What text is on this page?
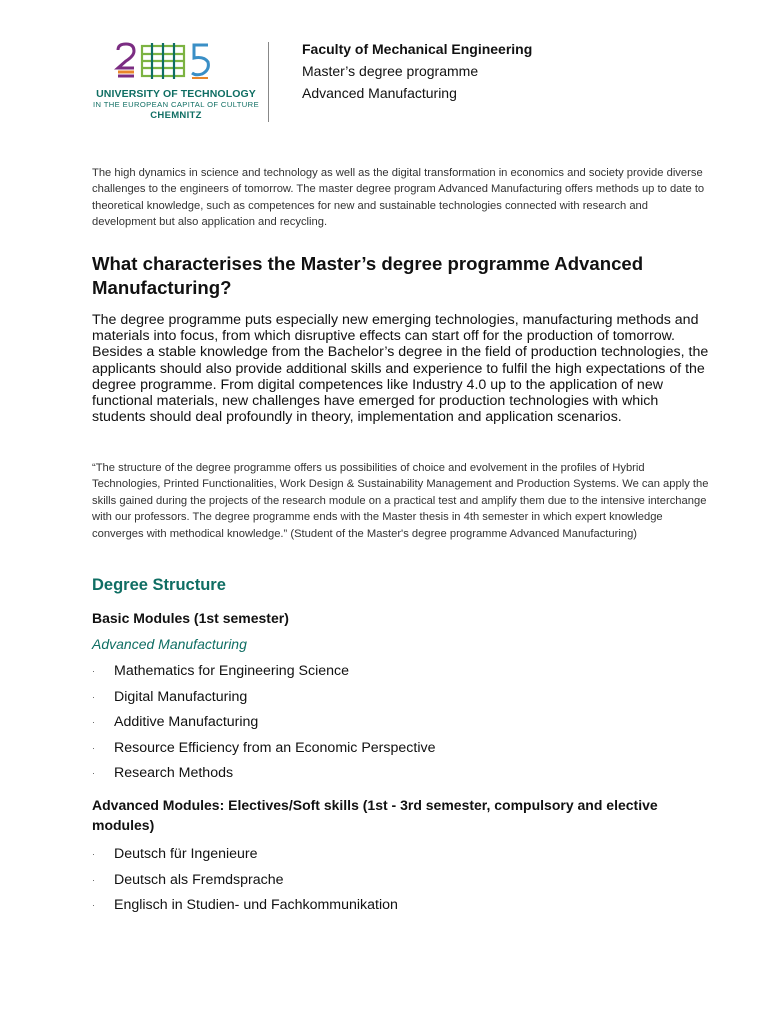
UNIVERSITY OF TECHNOLOGY
IN THE EUROPEAN CAPITAL OF CULTURE
CHEMNITZ
Faculty of Mechanical Engineering
Master’s degree programme
Advanced Manufacturing

The high dynamics in science and technology as well as the digital transformation in economics and society provide diverse challenges to the engineers of tomorrow. The master degree program Advanced Manufacturing offers methods up to date to theoretical knowledge, such as competences for new and sustainable technologies connected with research and development but also application and recycling.

What characterises the Master’s degree programme Advanced Manufacturing?

The degree programme puts especially new emerging technologies, manufacturing methods and materials into focus, from which disruptive effects can start off for the production of tomorrow. Besides a stable knowledge from the Bachelor’s degree in the field of production technologies, the applicants should also provide additional skills and experience to fulfil the high expectations of the degree programme. From digital competences like Industry 4.0 up to the application of new functional materials, new challenges have emerged for production technologies with which students should deal profoundly in theory, implementation and application scenarios.

“The structure of the degree programme offers us possibilities of choice and evolvement in the profiles of Hybrid Technologies, Printed Functionalities, Work Design & Sustainability Management and Production Systems. We can apply the skills gained during the projects of the research module on a practical test and amplify them due to the intensive interchange with our professors. The degree programme ends with the Master thesis in 4th semester in which expert knowledge converges with methodical knowledge.” (Student of the Master's degree programme Advanced Manufacturing)

Degree Structure
Basic Modules (1st semester)
Advanced Manufacturing
· Mathematics for Engineering Science
· Digital Manufacturing
· Additive Manufacturing
· Resource Efficiency from an Economic Perspective
· Research Methods
Advanced Modules: Electives/Soft skills (1st - 3rd semester, compulsory and elective modules)
· Deutsch für Ingenieure
· Deutsch als Fremdsprache
· Englisch in Studien- und Fachkommunikation
